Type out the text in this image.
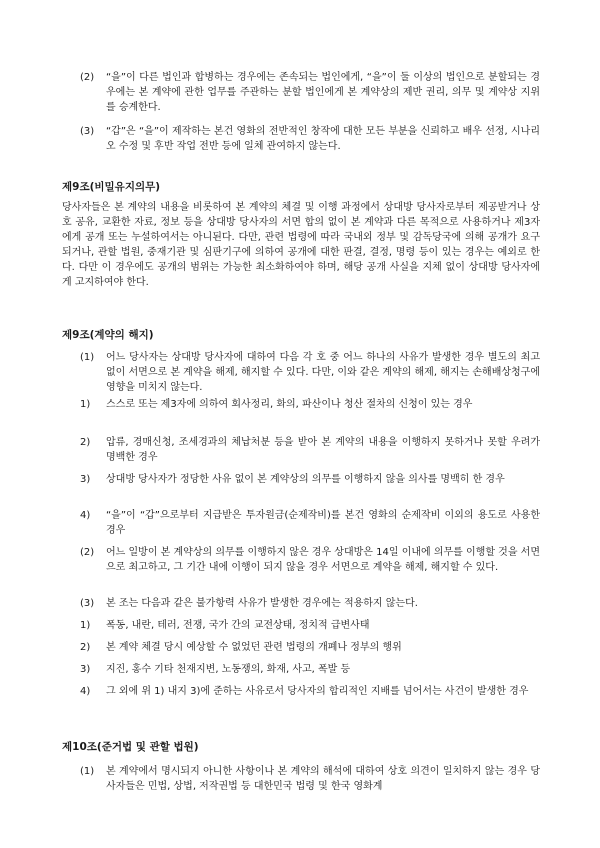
(2) “을”이 다른 법인과 합병하는 경우에는 존속되는 법인에게, “을”이 둘 이상의 법인으로 분할되는 경우에는 본 계약에 관한 업무를 주관하는 분할 법인에게 본 계약상의 제반 권리, 의무 및 계약상 지위를 승계한다.
(3) “갑”은 “을”이 제작하는 본건 영화의 전반적인 창작에 대한 모든 부분을 신뢰하고 배우 선정, 시나리오 수정 및 후반 작업 전반 등에 일체 관여하지 않는다.
제9조(비밀유지의무)
당사자들은 본 계약의 내용을 비롯하여 본 계약의 체결 및 이행 과정에서 상대방 당사자로부터 제공받거나 상호 공유, 교환한 자료, 정보 등을 상대방 당사자의 서면 합의 없이 본 계약과 다른 목적으로 사용하거나 제3자에게 공개 또는 누설하여서는 아니된다. 다만, 관련 법령에 따라 국내외 정부 및 감독당국에 의해 공개가 요구되거나, 관할 법원, 중재기관 및 심판기구에 의하여 공개에 대한 판결, 결정, 명령 등이 있는 경우는 예외로 한다. 다만 이 경우에도 공개의 범위는 가능한 최소화하여야 하며, 해당 공개 사실을 지체 없이 상대방 당사자에게 고지하여야 한다.
제9조(계약의 해지)
(1) 어느 당사자는 상대방 당사자에 대하여 다음 각 호 중 어느 하나의 사유가 발생한 경우 별도의 최고 없이 서면으로 본 계약을 해제, 해지할 수 있다. 다만, 이와 같은 계약의 해제, 해지는 손해배상청구에 영향을 미치지 않는다.
1) 스스로 또는 제3자에 의하여 회사정리, 화의, 파산이나 청산 절차의 신청이 있는 경우
2) 압류, 경매신청, 조세경과의 체납처분 등을 받아 본 계약의 내용을 이행하지 못하거나 못할 우려가 명백한 경우
3) 상대방 당사자가 정당한 사유 없이 본 계약상의 의무를 이행하지 않을 의사를 명백히 한 경우
4) “을”이 “갑”으로부터 지급받은 투자원금(순제작비)를 본건 영화의 순제작비 이외의 용도로 사용한 경우
(2) 어느 일방이 본 계약상의 의무를 이행하지 않은 경우 상대방은 14일 이내에 의무를 이행할 것을 서면으로 최고하고, 그 기간 내에 이행이 되지 않을 경우 서면으로 계약을 해제, 해지할 수 있다.
(3) 본 조는 다음과 같은 불가항력 사유가 발생한 경우에는 적용하지 않는다.
1) 폭동, 내란, 테러, 전쟁, 국가 간의 교전상태, 정치적 급변사태
2) 본 계약 체결 당시 예상할 수 없었던 관련 법령의 개폐나 정부의 행위
3) 지진, 홍수 기타 천재지변, 노동쟁의, 화재, 사고, 폭발 등
4) 그 외에 위 1) 내지 3)에 준하는 사유로서 당사자의 합리적인 지배를 넘어서는 사건이 발생한 경우
제10조(준거법 및 관할 법원)
(1) 본 계약에서 명시되지 아니한 사항이나 본 계약의 해석에 대하여 상호 의견이 일치하지 않는 경우 당사자들은 민법, 상법, 저작권법 등 대한민국 법령 및 한국 영화계
